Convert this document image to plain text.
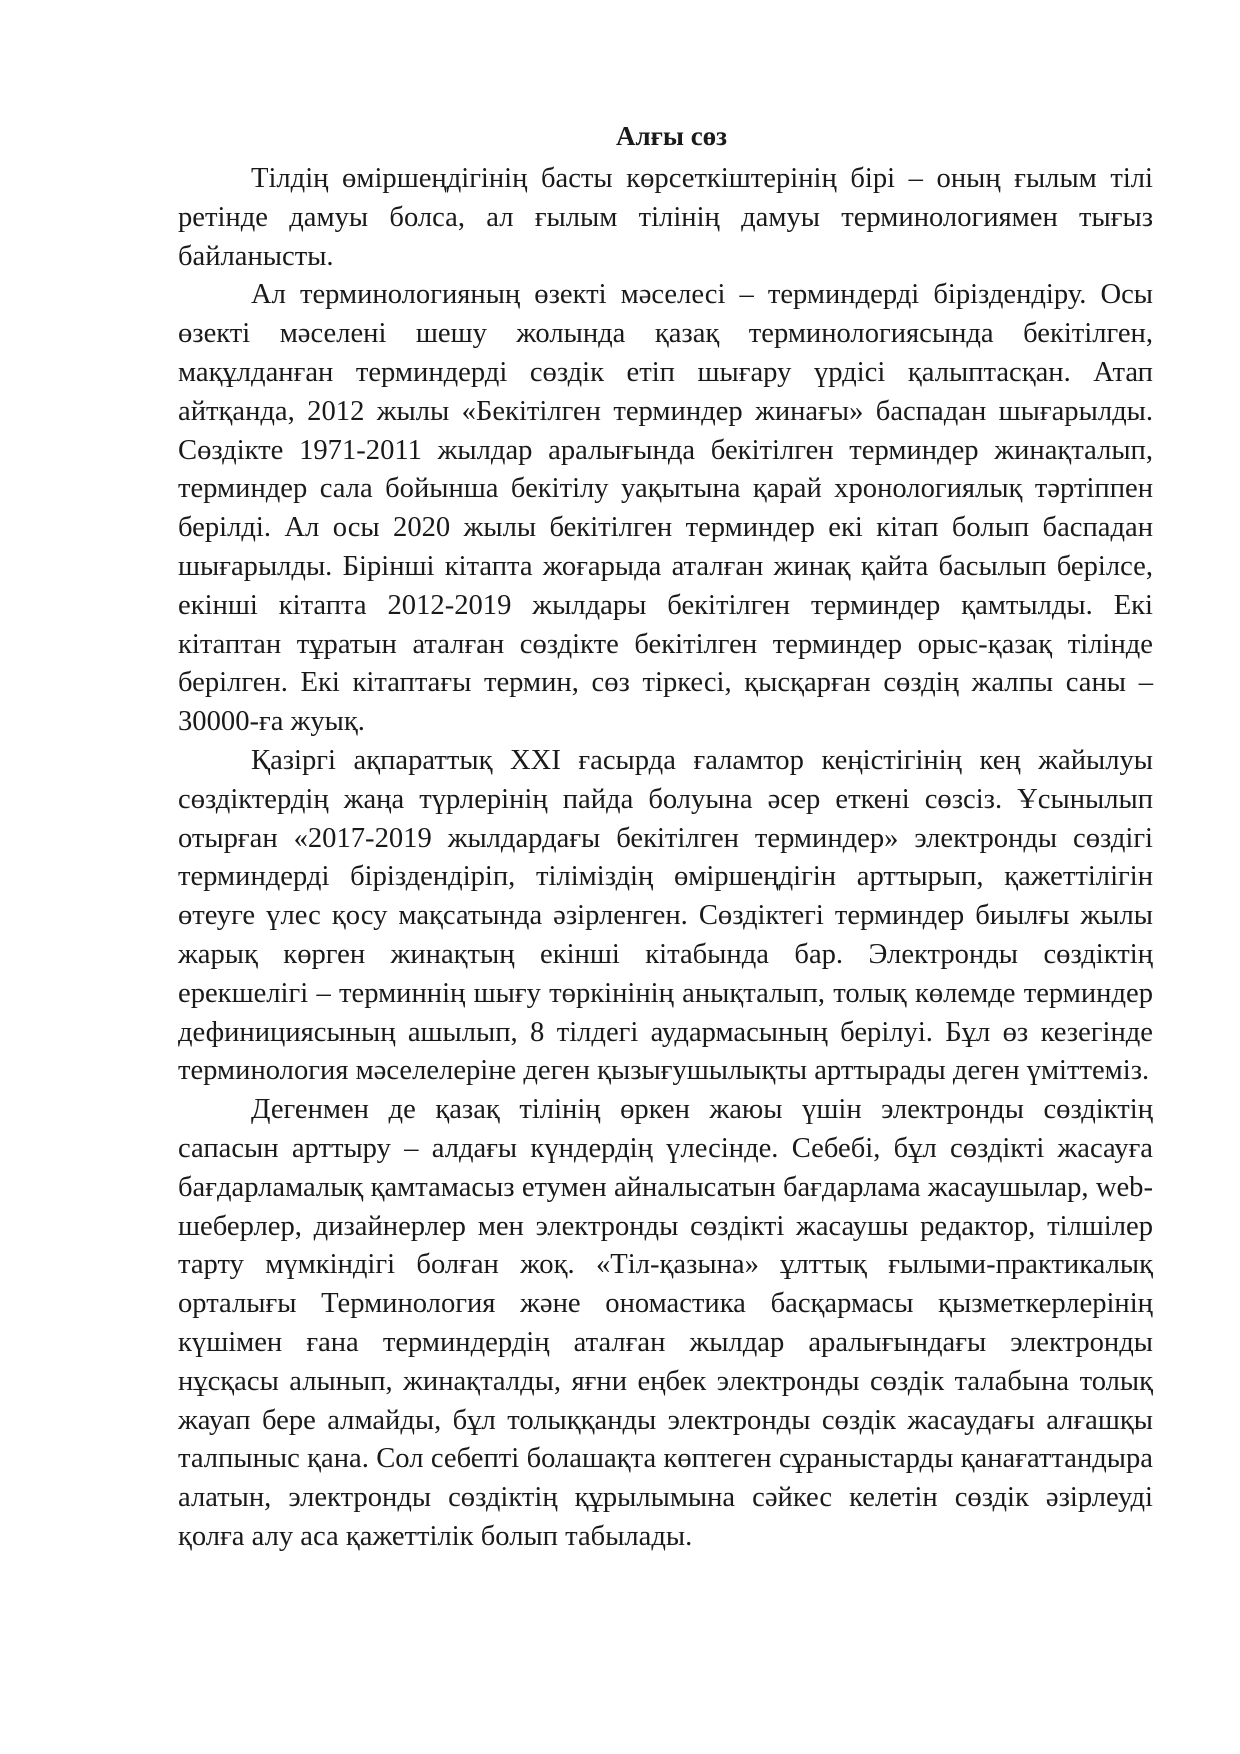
Алғы сөз

Тілдің өміршеңдігінің басты көрсеткіштерінің бірі – оның ғылым тілі ретінде дамуы болса, ал ғылым тілінің дамуы терминологиямен тығыз байланысты.

Ал терминологияның өзекті мәселесі – терминдерді біріздендіру. Осы өзекті мәселені шешу жолында қазақ терминологиясында бекітілген, мақұлданған терминдерді сөздік етіп шығару үрдісі қалыптасқан. Атап айтқанда, 2012 жылы «Бекітілген терминдер жинағы» баспадан шығарылды. Сөздікте 1971-2011 жылдар аралығында бекітілген терминдер жинақталып, терминдер сала бойынша бекітілу уақытына қарай хронологиялық тәртіппен берілді. Ал осы 2020 жылы бекітілген терминдер екі кітап болып баспадан шығарылды. Бірінші кітапта жоғарыда аталған жинақ қайта басылып берілсе, екінші кітапта 2012-2019 жылдары бекітілген терминдер қамтылды. Екі кітаптан тұратын аталған сөздікте бекітілген терминдер орыс-қазақ тілінде берілген. Екі кітаптағы термин, сөз тіркесі, қысқарған сөздің жалпы саны – 30000-ға жуық.

Қазіргі ақпараттық ХХІ ғасырда ғаламтор кеңістігінің кең жайылуы сөздіктердің жаңа түрлерінің пайда болуына әсер еткені сөзсіз. Ұсынылып отырған «2017-2019 жылдардағы бекітілген терминдер» электронды сөздігі терминдерді біріздендіріп, тіліміздің өміршеңдігін арттырып, қажеттілігін өтеуге үлес қосу мақсатында әзірленген. Сөздіктегі терминдер биылғы жылы жарық көрген жинақтың екінші кітабында бар. Электронды сөздіктің ерекшелігі – терминнің шығу төркінінің анықталып, толық көлемде терминдер дефинициясының ашылып, 8 тілдегі аудармасының берілуі. Бұл өз кезегінде терминология мәселелеріне деген қызығушылықты арттырады деген үміттеміз.

Дегенмен де қазақ тілінің өркен жаюы үшін электронды сөздіктің сапасын арттыру – алдағы күндердің үлесінде. Себебі, бұл сөздікті жасауға бағдарламалық қамтамасыз етумен айналысатын бағдарлама жасаушылар, web-шеберлер, дизайнерлер мен электронды сөздікті жасаушы редактор, тілшілер тарту мүмкіндігі болған жоқ. «Тіл-қазына» ұлттық ғылыми-практикалық орталығы Терминология және ономастика басқармасы қызметкерлерінің күшімен ғана терминдердің аталған жылдар аралығындағы электронды нұсқасы алынып, жинақталды, яғни еңбек электронды сөздік талабына толық жауап бере алмайды, бұл толыққанды электронды сөздік жасаудағы алғашқы талпыныс қана. Сол себепті болашақта көптеген сұраныстарды қанағаттандыра алатын, электронды сөздіктің құрылымына сәйкес келетін сөздік әзірлеуді қолға алу аса қажеттілік болып табылады.
